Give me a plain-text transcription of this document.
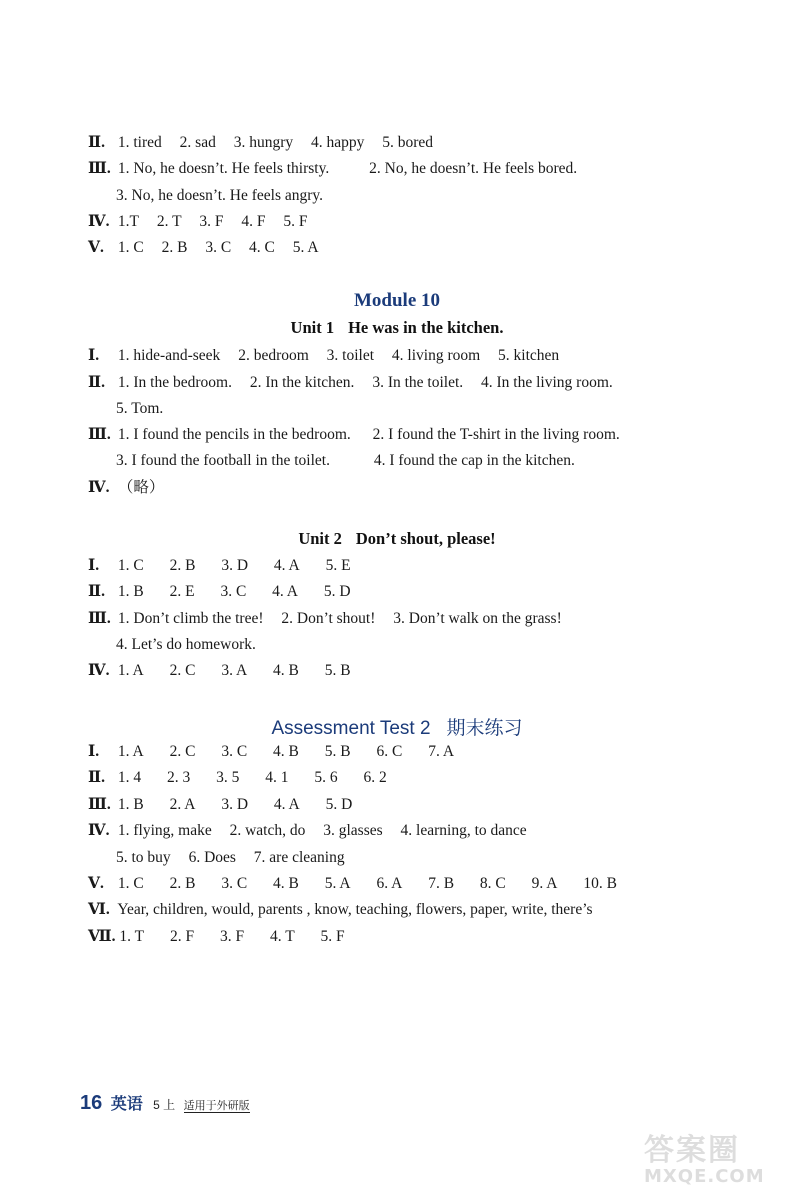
Ⅱ. 1. tired 2. sad 3. hungry 4. happy 5. bored
Ⅲ. 1. No, he doesn’t. He feels thirsty.	2. No, he doesn’t. He feels bored.
3. No, he doesn’t. He feels angry.
Ⅳ. 1.T 2. T 3. F 4. F 5. F
Ⅴ. 1. C 2. B 3. C 4. C 5. A
Module 10
Unit 1 He was in the kitchen.
Ⅰ. 1. hide-and-seek 2. bedroom 3. toilet 4. living room 5. kitchen
Ⅱ. 1. In the bedroom. 2. In the kitchen. 3. In the toilet. 4. In the living room.
5. Tom.
Ⅲ. 1. I found the pencils in the bedroom. 2. I found the T-shirt in the living room.
3. I found the football in the toilet.	4. I found the cap in the kitchen.
Ⅳ. （略）
Unit 2 Don’t shout, please!
Ⅰ. 1. C 2. B 3. D 4. A 5. E
Ⅱ. 1. B 2. E 3. C 4. A 5. D
Ⅲ. 1. Don’t climb the tree! 2. Don’t shout! 3. Don’t walk on the grass!
4. Let’s do homework.
Ⅳ. 1. A 2. C 3. A 4. B 5. B
Assessment Test 2 期末练习
Ⅰ. 1. A 2. C 3. C 4. B 5. B 6. C 7. A
Ⅱ. 1. 4 2. 3 3. 5 4. 1 5. 6 6. 2
Ⅲ. 1. B 2. A 3. D 4. A 5. D
Ⅳ. 1. flying, make 2. watch, do 3. glasses 4. learning, to dance
5. to buy 6. Does 7. are cleaning
Ⅴ. 1. C 2. B 3. C 4. B 5. A 6. A 7. B 8. C 9. A 10. B
Ⅵ. Year, children, would, parents , know, teaching, flowers, paper, write, there’s
Ⅶ. 1. T 2. F 3. F 4. T 5. F
16 英语 5 上 适用于外研版
答案圈
MXQE.COM
